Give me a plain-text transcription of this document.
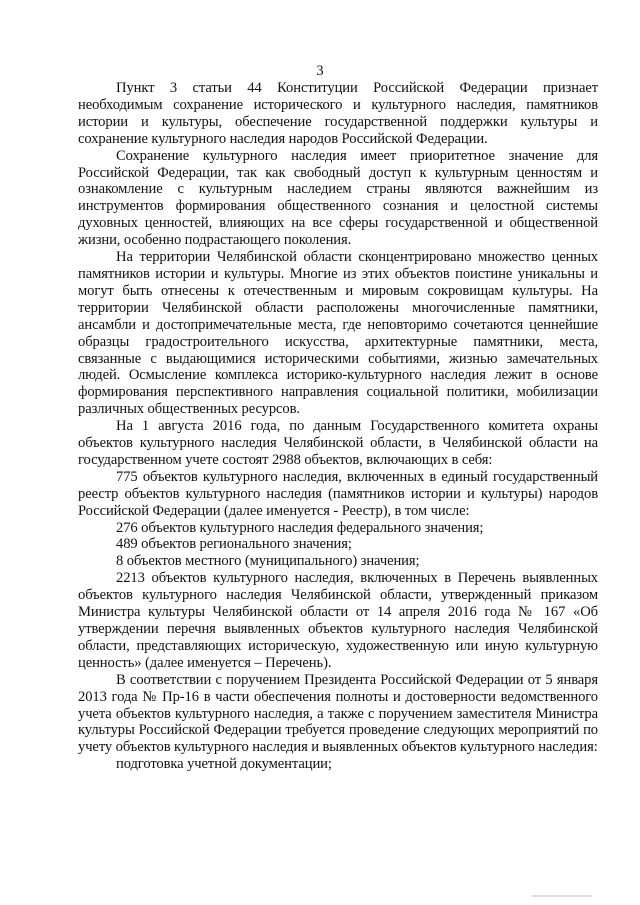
3

Пункт 3 статьи 44 Конституции Российской Федерации признает необходимым сохранение исторического и культурного наследия, памятников истории и культуры, обеспечение государственной поддержки культуры и сохранение культурного наследия народов Российской Федерации.

Сохранение культурного наследия имеет приоритетное значение для Российской Федерации, так как свободный доступ к культурным ценностям и ознакомление с культурным наследием страны являются важнейшим из инструментов формирования общественного сознания и целостной системы духовных ценностей, влияющих на все сферы государственной и общественной жизни, особенно подрастающего поколения.

На территории Челябинской области сконцентрировано множество ценных памятников истории и культуры. Многие из этих объектов поистине уникальны и могут быть отнесены к отечественным и мировым сокровищам культуры. На территории Челябинской области расположены многочисленные памятники, ансамбли и достопримечательные места, где неповторимо сочетаются ценнейшие образцы градостроительного искусства, архитектурные памятники, места, связанные с выдающимися историческими событиями, жизнью замечательных людей. Осмысление комплекса историко-культурного наследия лежит в основе формирования перспективного направления социальной политики, мобилизации различных общественных ресурсов.

На 1 августа 2016 года, по данным Государственного комитета охраны объектов культурного наследия Челябинской области, в Челябинской области на государственном учете состоят 2988 объектов, включающих в себя:

775 объектов культурного наследия, включенных в единый государственный реестр объектов культурного наследия (памятников истории и культуры) народов Российской Федерации (далее именуется - Реестр), в том числе:

276 объектов культурного наследия федерального значения;

489 объектов регионального значения;

8 объектов местного (муниципального) значения;

2213 объектов культурного наследия, включенных в Перечень выявленных объектов культурного наследия Челябинской области, утвержденный приказом Министра культуры Челябинской области от 14 апреля 2016 года № 167 «Об утверждении перечня выявленных объектов культурного наследия Челябинской области, представляющих историческую, художественную или иную культурную ценность» (далее именуется – Перечень).

В соответствии с поручением Президента Российской Федерации от 5 января 2013 года № Пр-16 в части обеспечения полноты и достоверности ведомственного учета объектов культурного наследия, а также с поручением заместителя Министра культуры Российской Федерации требуется проведение следующих мероприятий по учету объектов культурного наследия и выявленных объектов культурного наследия:

подготовка учетной документации;
